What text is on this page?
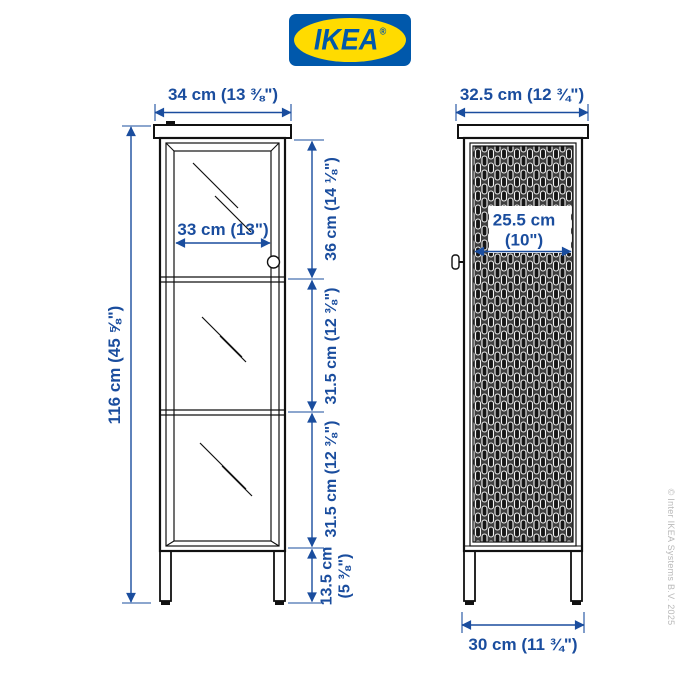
IKEA®
34 cm (13 ⅜")	32.5 cm (12 ¾")
33 cm (13")
116 cm (45 ⅝")
36 cm (14 ⅛")
31.5 cm (12 ⅜")
31.5 cm (12 ⅜")
13.5 cm (5 ⅜")
25.5 cm
(10")
30 cm (11 ¾")
© Inter IKEA Systems B.V. 2025
